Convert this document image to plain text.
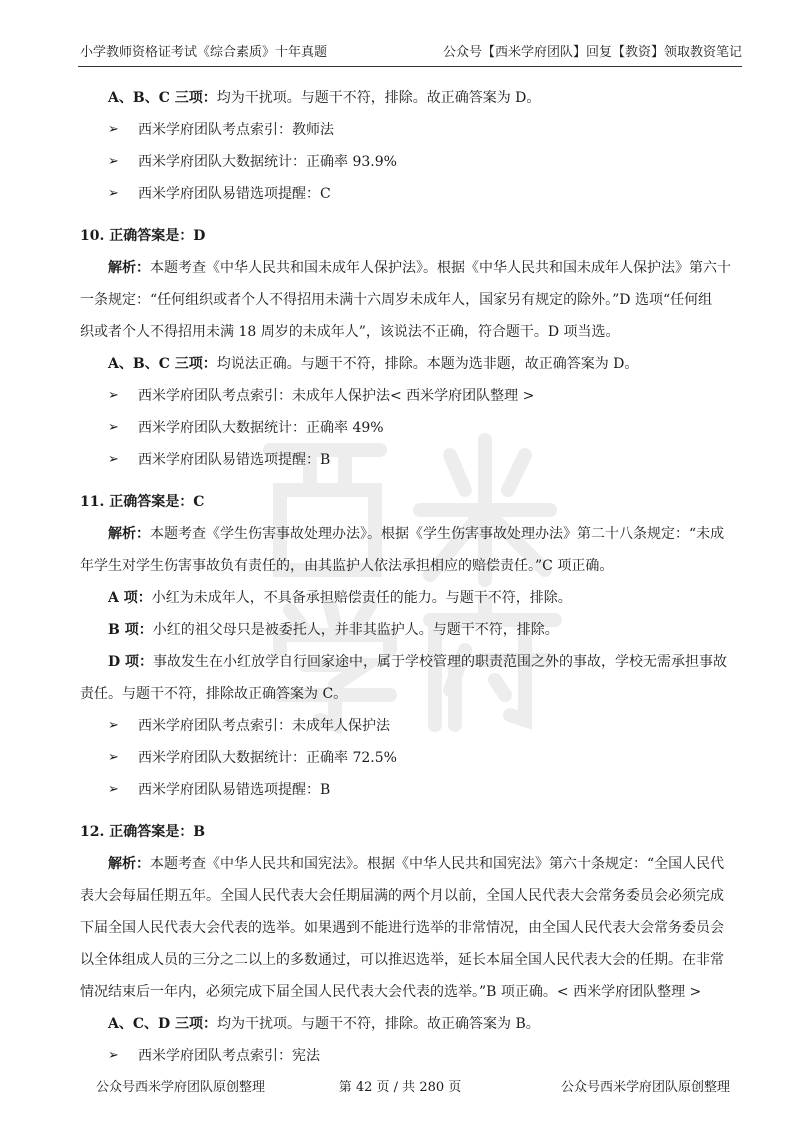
小学教师资格证考试《综合素质》十年真题	公众号【西米学府团队】回复【教资】领取教资笔记
A、B、C 三项：均为干扰项。与题干不符，排除。故正确答案为 D。
➢	西米学府团队考点索引：教师法
➢	西米学府团队大数据统计：正确率 93.9%
➢	西米学府团队易错选项提醒：C
10. 正确答案是：D
解析：本题考查《中华人民共和国未成年人保护法》。根据《中华人民共和国未成年人保护法》第六十
一条规定：“任何组织或者个人不得招用未满十六周岁未成年人，国家另有规定的除外。”D 选项“任何组
织或者个人不得招用未满 18 周岁的未成年人”，该说法不正确，符合题干。D 项当选。
A、B、C 三项：均说法正确。与题干不符，排除。本题为选非题，故正确答案为 D。
➢	西米学府团队考点索引：未成年人保护法< 西米学府团队整理 >
➢	西米学府团队大数据统计：正确率 49%
➢	西米学府团队易错选项提醒：B
11. 正确答案是：C
解析：本题考查《学生伤害事故处理办法》。根据《学生伤害事故处理办法》第二十八条规定：“未成
年学生对学生伤害事故负有责任的，由其监护人依法承担相应的赔偿责任。”C 项正确。
A 项：小红为未成年人，不具备承担赔偿责任的能力。与题干不符，排除。
B 项：小红的祖父母只是被委托人，并非其监护人。与题干不符，排除。
D 项：事故发生在小红放学自行回家途中，属于学校管理的职责范围之外的事故，学校无需承担事故
责任。与题干不符，排除故正确答案为 C。
➢	西米学府团队考点索引：未成年人保护法
➢	西米学府团队大数据统计：正确率 72.5%
➢	西米学府团队易错选项提醒：B
12. 正确答案是：B
解析：本题考查《中华人民共和国宪法》。根据《中华人民共和国宪法》第六十条规定：“全国人民代
表大会每届任期五年。全国人民代表大会任期届满的两个月以前，全国人民代表大会常务委员会必须完成
下届全国人民代表大会代表的选举。如果遇到不能进行选举的非常情况，由全国人民代表大会常务委员会
以全体组成人员的三分之二以上的多数通过，可以推迟选举，延长本届全国人民代表大会的任期。在非常
情况结束后一年内，必须完成下届全国人民代表大会代表的选举。”B 项正确。< 西米学府团队整理 >
A、C、D 三项：均为干扰项。与题干不符，排除。故正确答案为 B。
➢	西米学府团队考点索引：宪法
公众号西米学府团队原创整理	第 42 页 / 共 280 页	公众号西米学府团队原创整理
